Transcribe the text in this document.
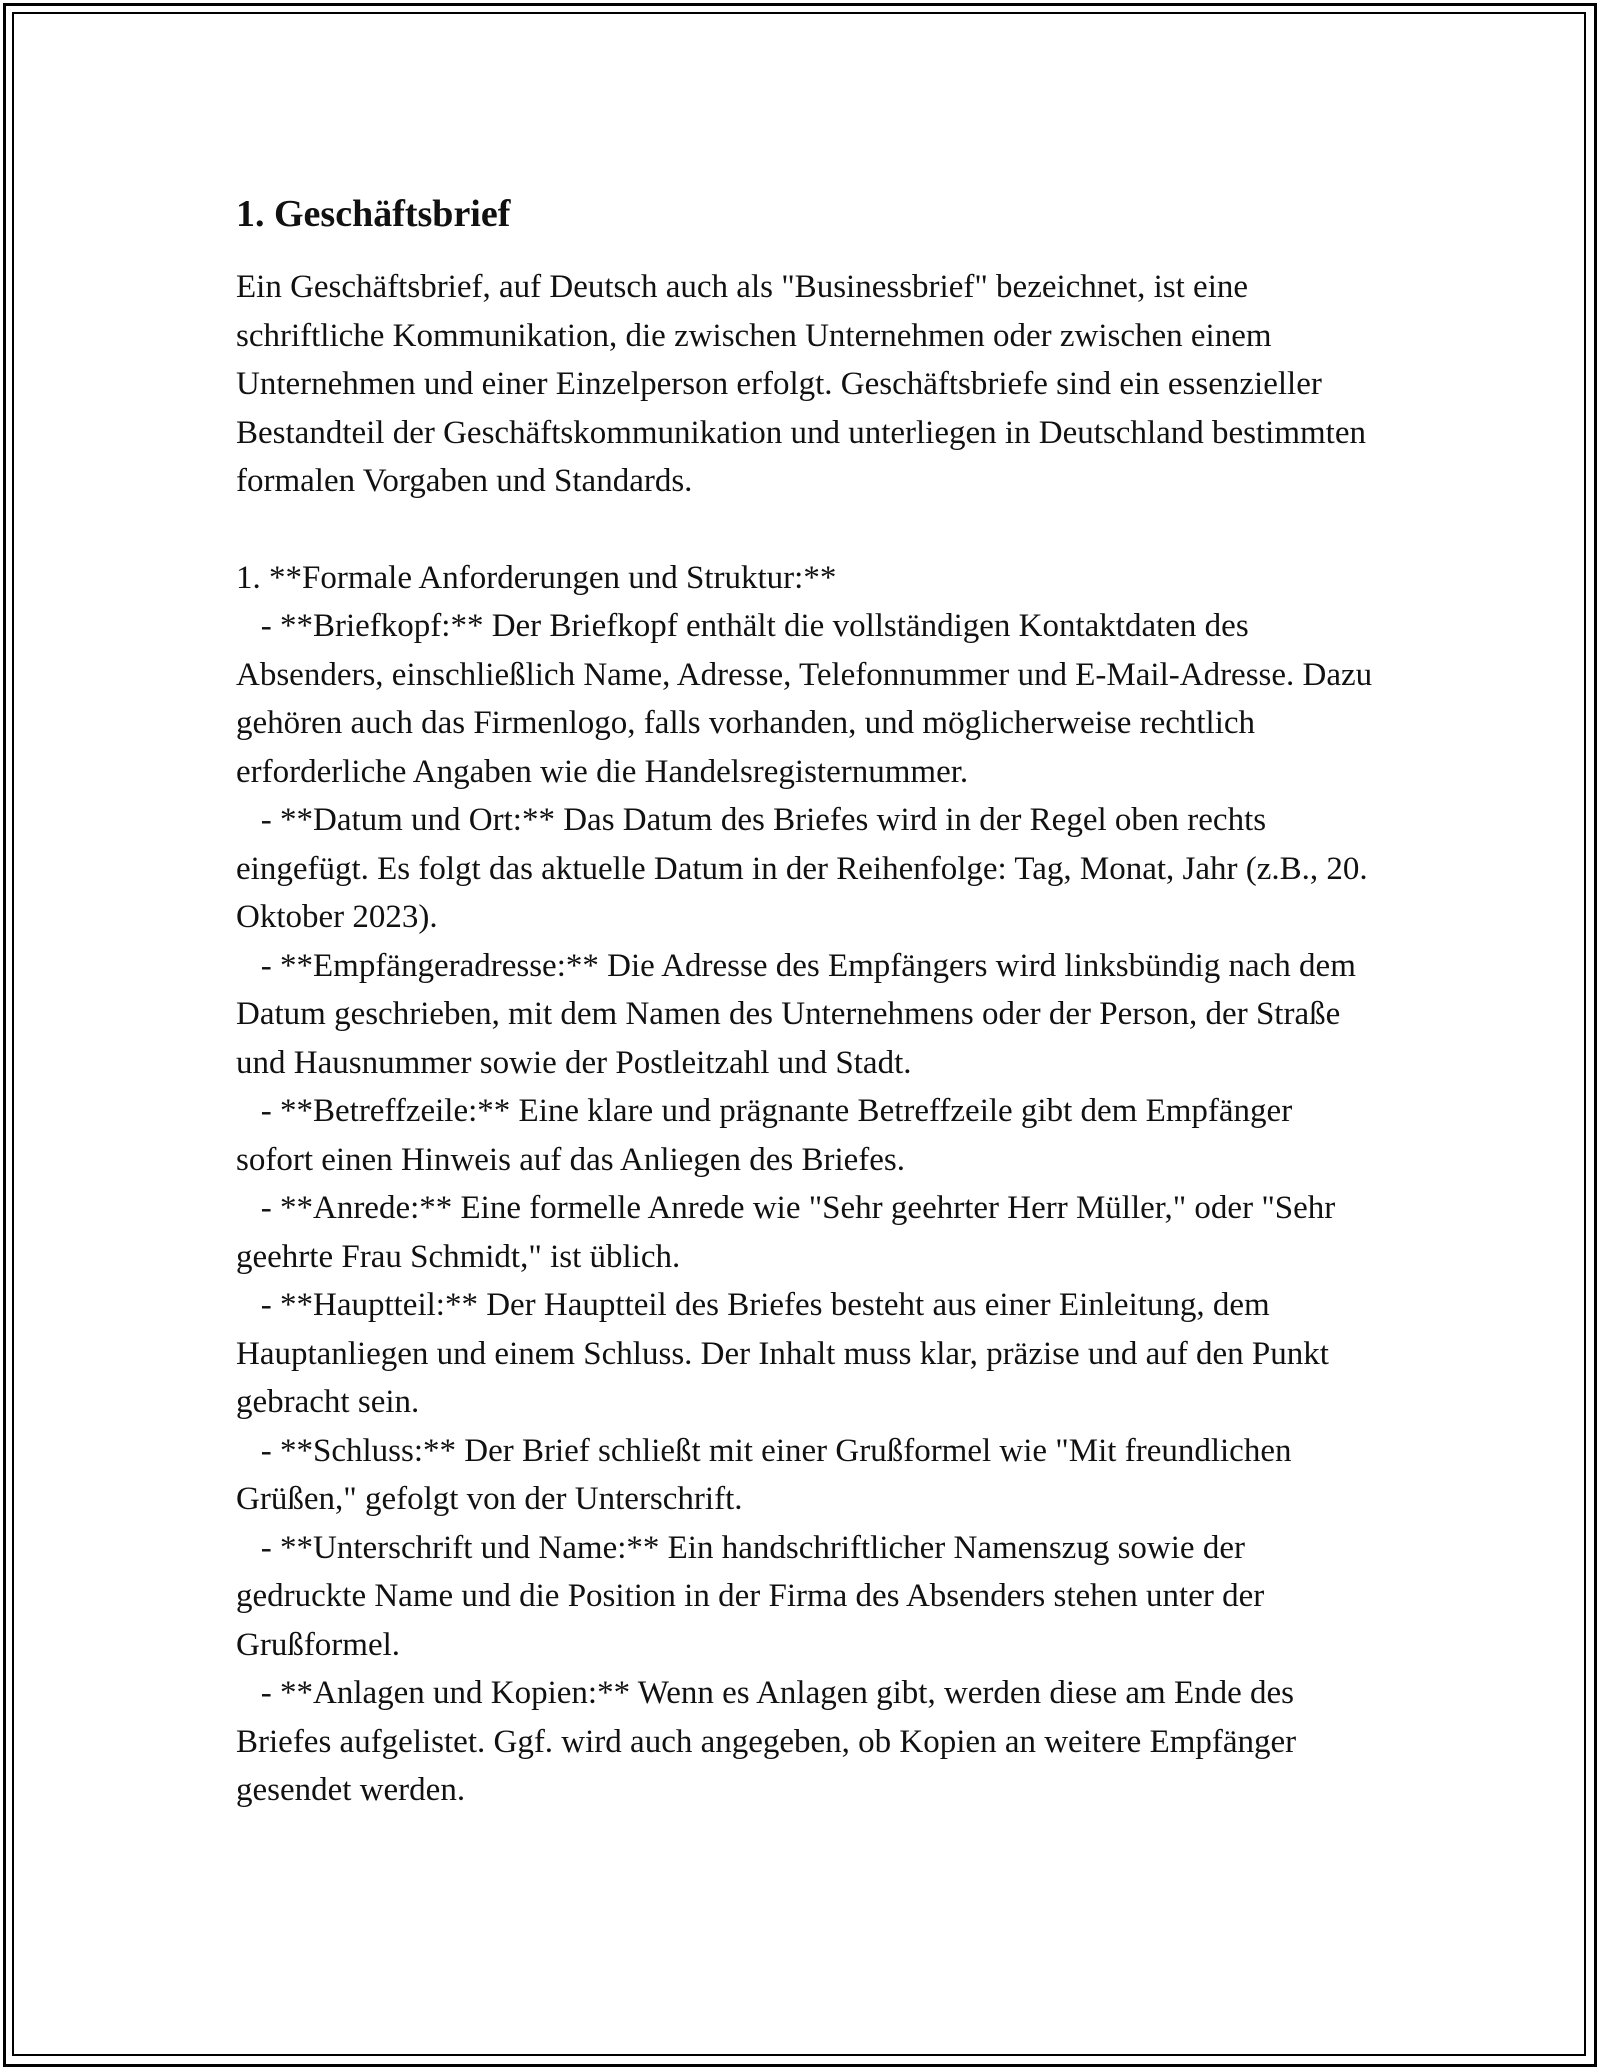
1. Geschäftsbrief
Ein Geschäftsbrief, auf Deutsch auch als "Businessbrief" bezeichnet, ist eine schriftliche Kommunikation, die zwischen Unternehmen oder zwischen einem Unternehmen und einer Einzelperson erfolgt. Geschäftsbriefe sind ein essenzieller Bestandteil der Geschäftskommunikation und unterliegen in Deutschland bestimmten formalen Vorgaben und Standards.
1. **Formale Anforderungen und Struktur:**
- **Briefkopf:** Der Briefkopf enthält die vollständigen Kontaktdaten des Absenders, einschließlich Name, Adresse, Telefonnummer und E-Mail-Adresse. Dazu gehören auch das Firmenlogo, falls vorhanden, und möglicherweise rechtlich erforderliche Angaben wie die Handelsregisternummer.
- **Datum und Ort:** Das Datum des Briefes wird in der Regel oben rechts eingefügt. Es folgt das aktuelle Datum in der Reihenfolge: Tag, Monat, Jahr (z.B., 20. Oktober 2023).
- **Empfängeradresse:** Die Adresse des Empfängers wird linksbündig nach dem Datum geschrieben, mit dem Namen des Unternehmens oder der Person, der Straße und Hausnummer sowie der Postleitzahl und Stadt.
- **Betreffzeile:** Eine klare und prägnante Betreffzeile gibt dem Empfänger sofort einen Hinweis auf das Anliegen des Briefes.
- **Anrede:** Eine formelle Anrede wie "Sehr geehrter Herr Müller," oder "Sehr geehrte Frau Schmidt," ist üblich.
- **Hauptteil:** Der Hauptteil des Briefes besteht aus einer Einleitung, dem Hauptanliegen und einem Schluss. Der Inhalt muss klar, präzise und auf den Punkt gebracht sein.
- **Schluss:** Der Brief schließt mit einer Grußformel wie "Mit freundlichen Grüßen," gefolgt von der Unterschrift.
- **Unterschrift und Name:** Ein handschriftlicher Namenszug sowie der gedruckte Name und die Position in der Firma des Absenders stehen unter der Grußformel.
- **Anlagen und Kopien:** Wenn es Anlagen gibt, werden diese am Ende des Briefes aufgelistet. Ggf. wird auch angegeben, ob Kopien an weitere Empfänger gesendet werden.
